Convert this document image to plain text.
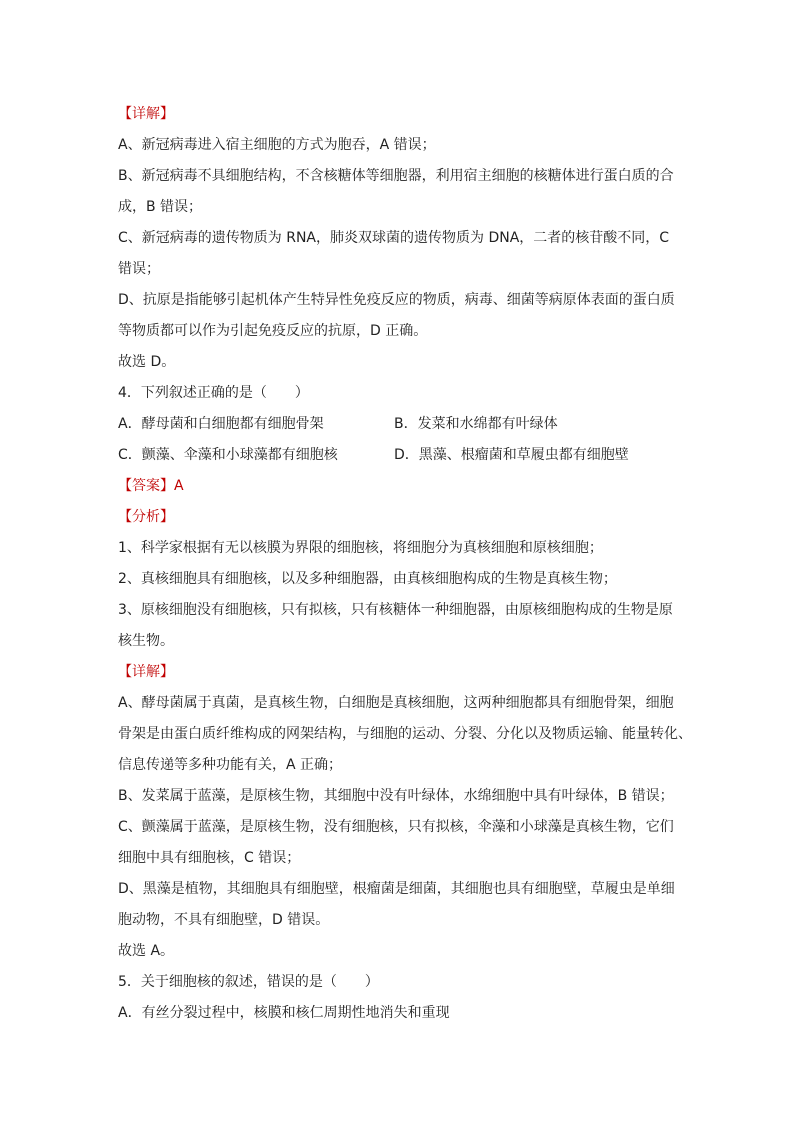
【详解】
A、新冠病毒进入宿主细胞的方式为胞吞，A 错误；
B、新冠病毒不具细胞结构，不含核糖体等细胞器，利用宿主细胞的核糖体进行蛋白质的合
成，B 错误；
C、新冠病毒的遗传物质为 RNA，肺炎双球菌的遗传物质为 DNA，二者的核苷酸不同，C
错误；
D、抗原是指能够引起机体产生特异性免疫反应的物质，病毒、细菌等病原体表面的蛋白质
等物质都可以作为引起免疫反应的抗原，D 正确。
故选 D。
4．下列叙述正确的是（　　）
A．酵母菌和白细胞都有细胞骨架	B．发菜和水绵都有叶绿体
C．颤藻、伞藻和小球藻都有细胞核	D．黑藻、根瘤菌和草履虫都有细胞壁
【答案】A
【分析】
1、科学家根据有无以核膜为界限的细胞核，将细胞分为真核细胞和原核细胞；
2、真核细胞具有细胞核，以及多种细胞器，由真核细胞构成的生物是真核生物；
3、原核细胞没有细胞核，只有拟核，只有核糖体一种细胞器，由原核细胞构成的生物是原
核生物。
【详解】
A、酵母菌属于真菌，是真核生物，白细胞是真核细胞，这两种细胞都具有细胞骨架，细胞
骨架是由蛋白质纤维构成的网架结构，与细胞的运动、分裂、分化以及物质运输、能量转化、
信息传递等多种功能有关，A 正确；
B、发菜属于蓝藻，是原核生物，其细胞中没有叶绿体，水绵细胞中具有叶绿体，B 错误；
C、颤藻属于蓝藻，是原核生物，没有细胞核，只有拟核，伞藻和小球藻是真核生物，它们
细胞中具有细胞核，C 错误；
D、黑藻是植物，其细胞具有细胞壁，根瘤菌是细菌，其细胞也具有细胞壁，草履虫是单细
胞动物，不具有细胞壁，D 错误。
故选 A。
5．关于细胞核的叙述，错误的是（　　）
A．有丝分裂过程中，核膜和核仁周期性地消失和重现
